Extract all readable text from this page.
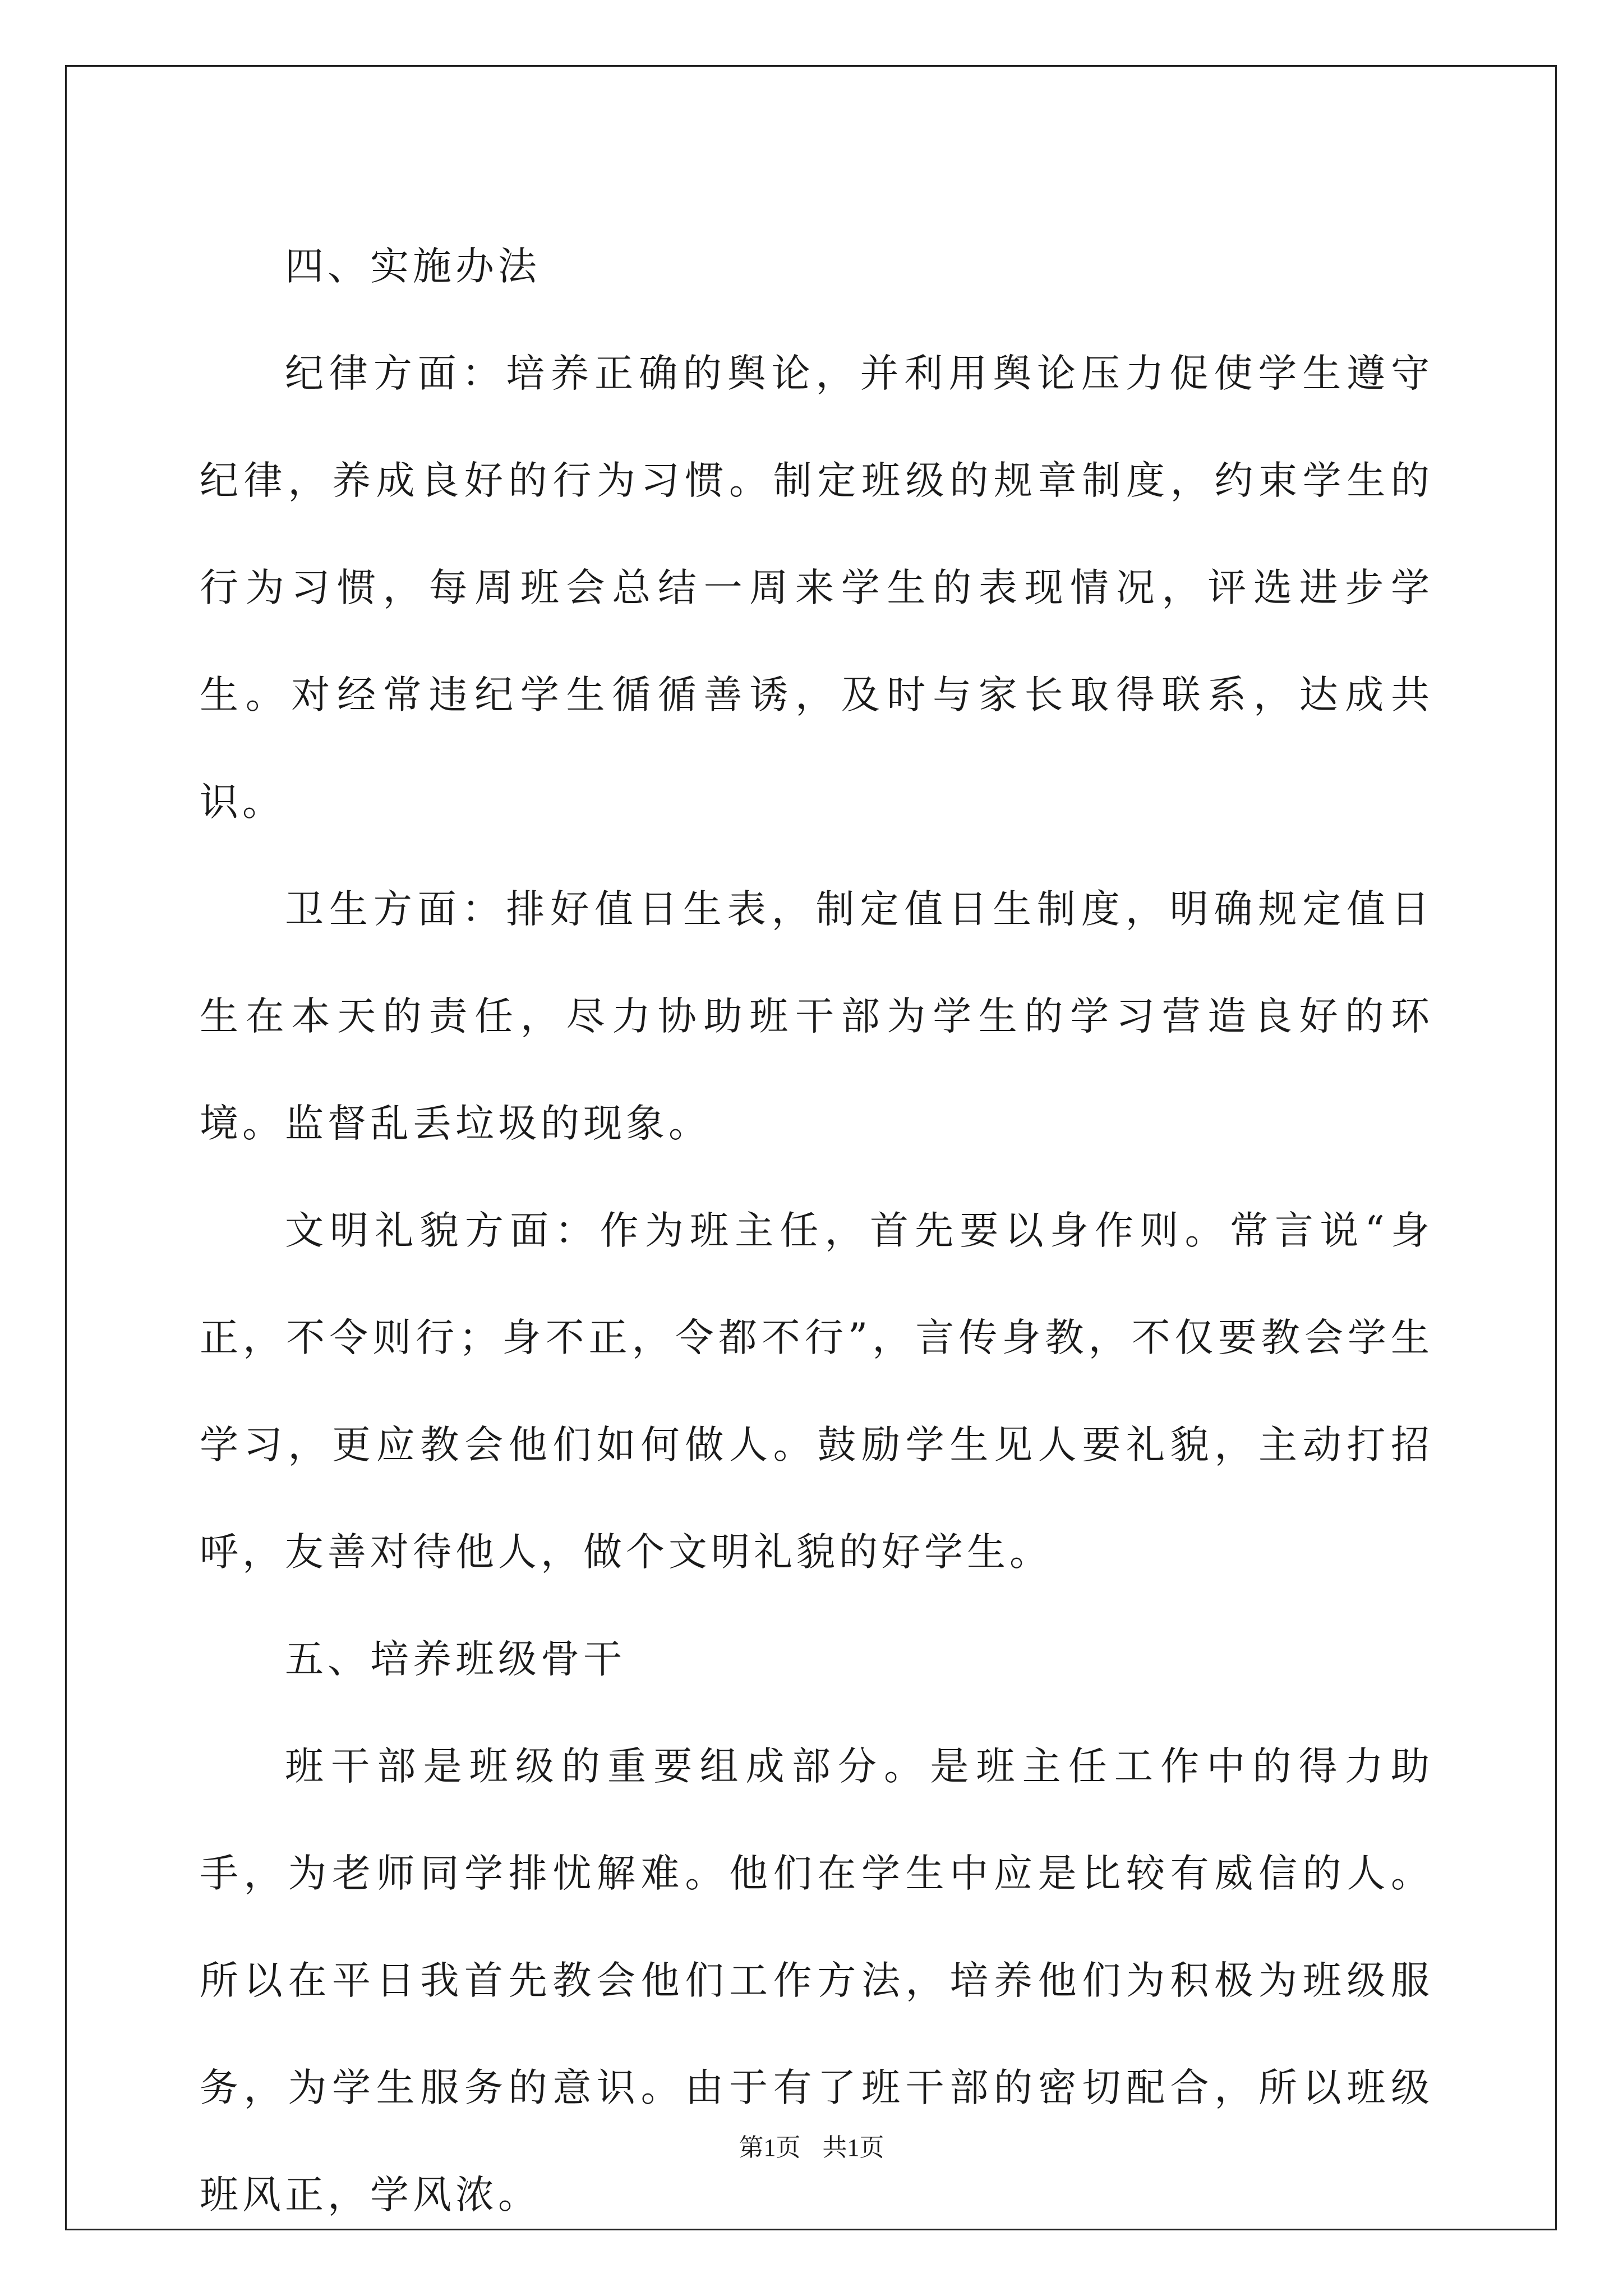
四、实施办法

纪律方面：培养正确的舆论，并利用舆论压力促使学生遵守纪律，养成良好的行为习惯。制定班级的规章制度，约束学生的行为习惯，每周班会总结一周来学生的表现情况，评选进步学生。对经常违纪学生循循善诱，及时与家长取得联系，达成共识。

卫生方面：排好值日生表，制定值日生制度，明确规定值日生在本天的责任，尽力协助班干部为学生的学习营造良好的环境。监督乱丢垃圾的现象。

文明礼貌方面：作为班主任，首先要以身作则。常言说“身正，不令则行；身不正，令都不行”，言传身教，不仅要教会学生学习，更应教会他们如何做人。鼓励学生见人要礼貌，主动打招呼，友善对待他人，做个文明礼貌的好学生。

五、培养班级骨干

班干部是班级的重要组成部分。是班主任工作中的得力助手，为老师同学排忧解难。他们在学生中应是比较有威信的人。所以在平日我首先教会他们工作方法，培养他们为积极为班级服务，为学生服务的意识。由于有了班干部的密切配合，所以班级班风正，学风浓。

第1页 共1页
